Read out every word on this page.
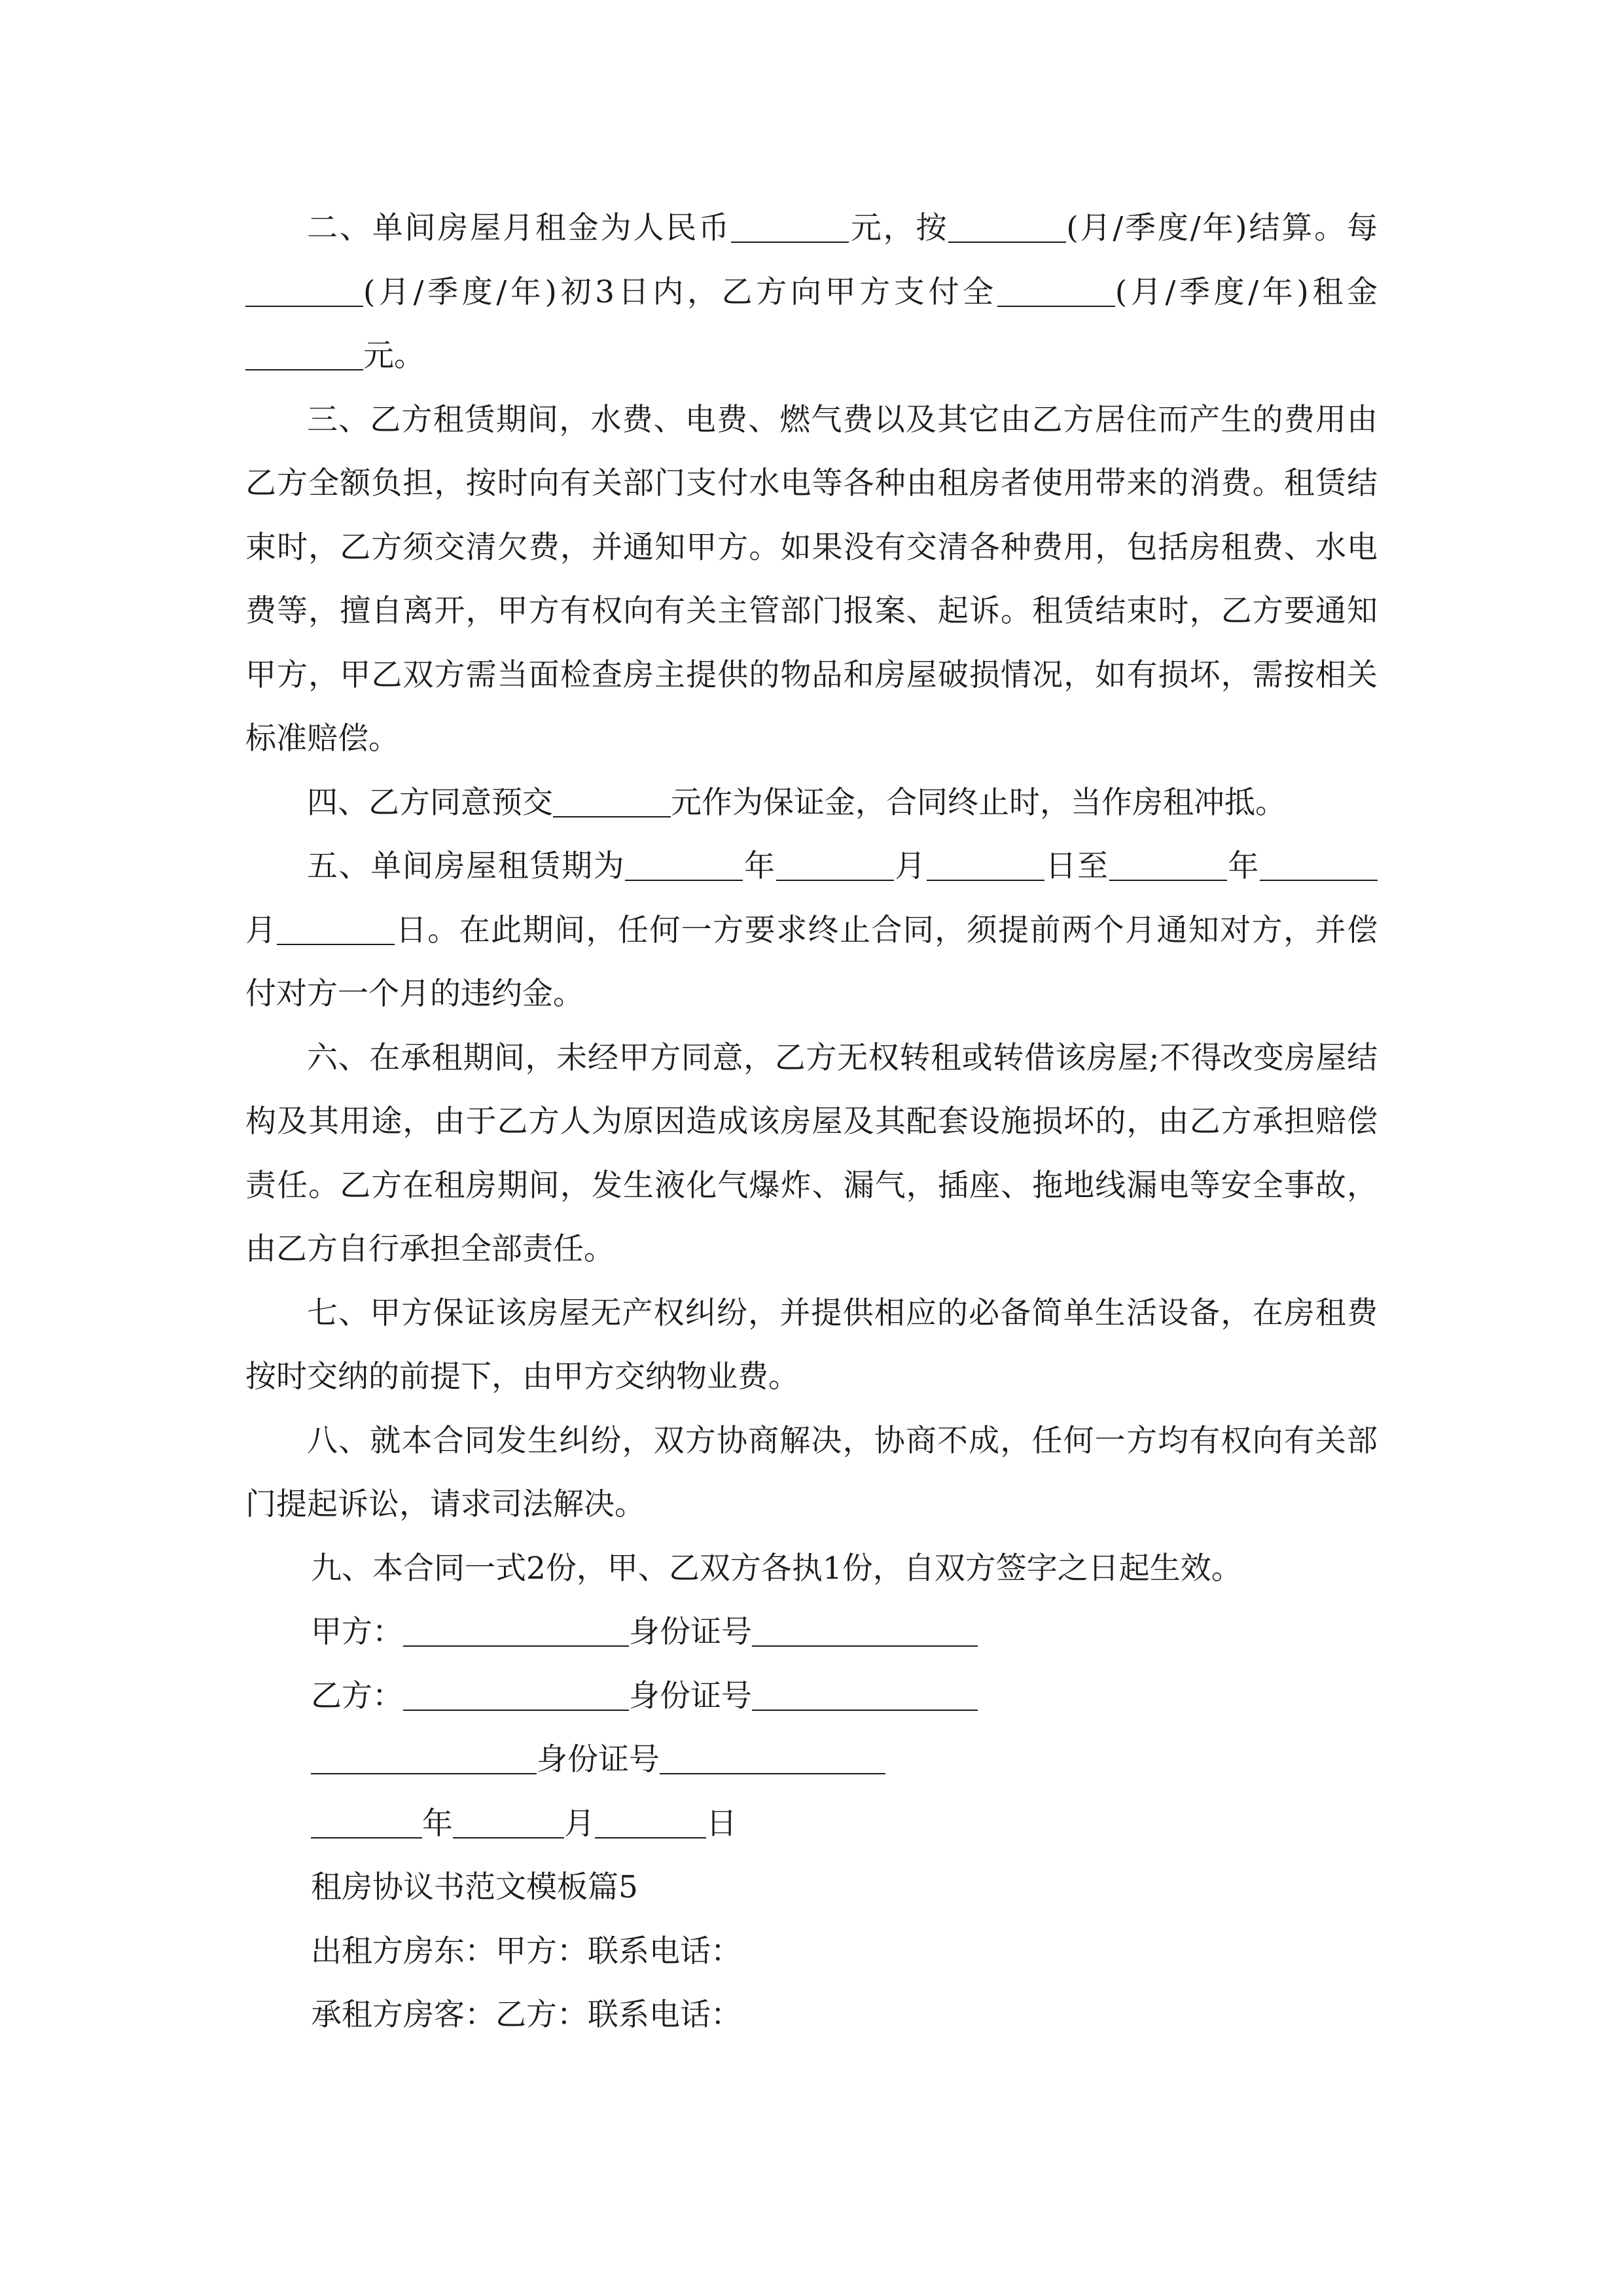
二、单间房屋月租金为人民币	元，按	(月/季度/年)结算。每(月/季度/年)初3日内，乙方向甲方支付全	(月/季度/年)租金元。

三、乙方租赁期间，水费、电费、燃气费以及其它由乙方居住而产生的费用由乙方全额负担，按时向有关部门支付水电等各种由租房者使用带来的消费。租赁结束时，乙方须交清欠费，并通知甲方。如果没有交清各种费用，包括房租费、水电费等，擅自离开，甲方有权向有关主管部门报案、起诉。租赁结束时，乙方要通知甲方，甲乙双方需当面检查房主提供的物品和房屋破损情况，如有损坏，需按相关标准赔偿。

四、乙方同意预交	元作为保证金，合同终止时，当作房租冲抵。

五、单间房屋租赁期为	年	月	日至	年月	日。在此期间，任何一方要求终止合同，须提前两个月通知对方，并偿付对方一个月的违约金。

六、在承租期间，未经甲方同意，乙方无权转租或转借该房屋;不得改变房屋结构及其用途，由于乙方人为原因造成该房屋及其配套设施损坏的，由乙方承担赔偿责任。乙方在租房期间，发生液化气爆炸、漏气，插座、拖地线漏电等安全事故，由乙方自行承担全部责任。

七、甲方保证该房屋无产权纠纷，并提供相应的必备简单生活设备，在房租费按时交纳的前提下，由甲方交纳物业费。

八、就本合同发生纠纷，双方协商解决，协商不成，任何一方均有权向有关部门提起诉讼，请求司法解决。

九、本合同一式2份，甲、乙双方各执1份，自双方签字之日起生效。

甲方：	身份证号

乙方：	身份证号

身份证号

年	月	日

租房协议书范文模板篇5

出租方房东：甲方：联系电话：

承租方房客：乙方：联系电话：
